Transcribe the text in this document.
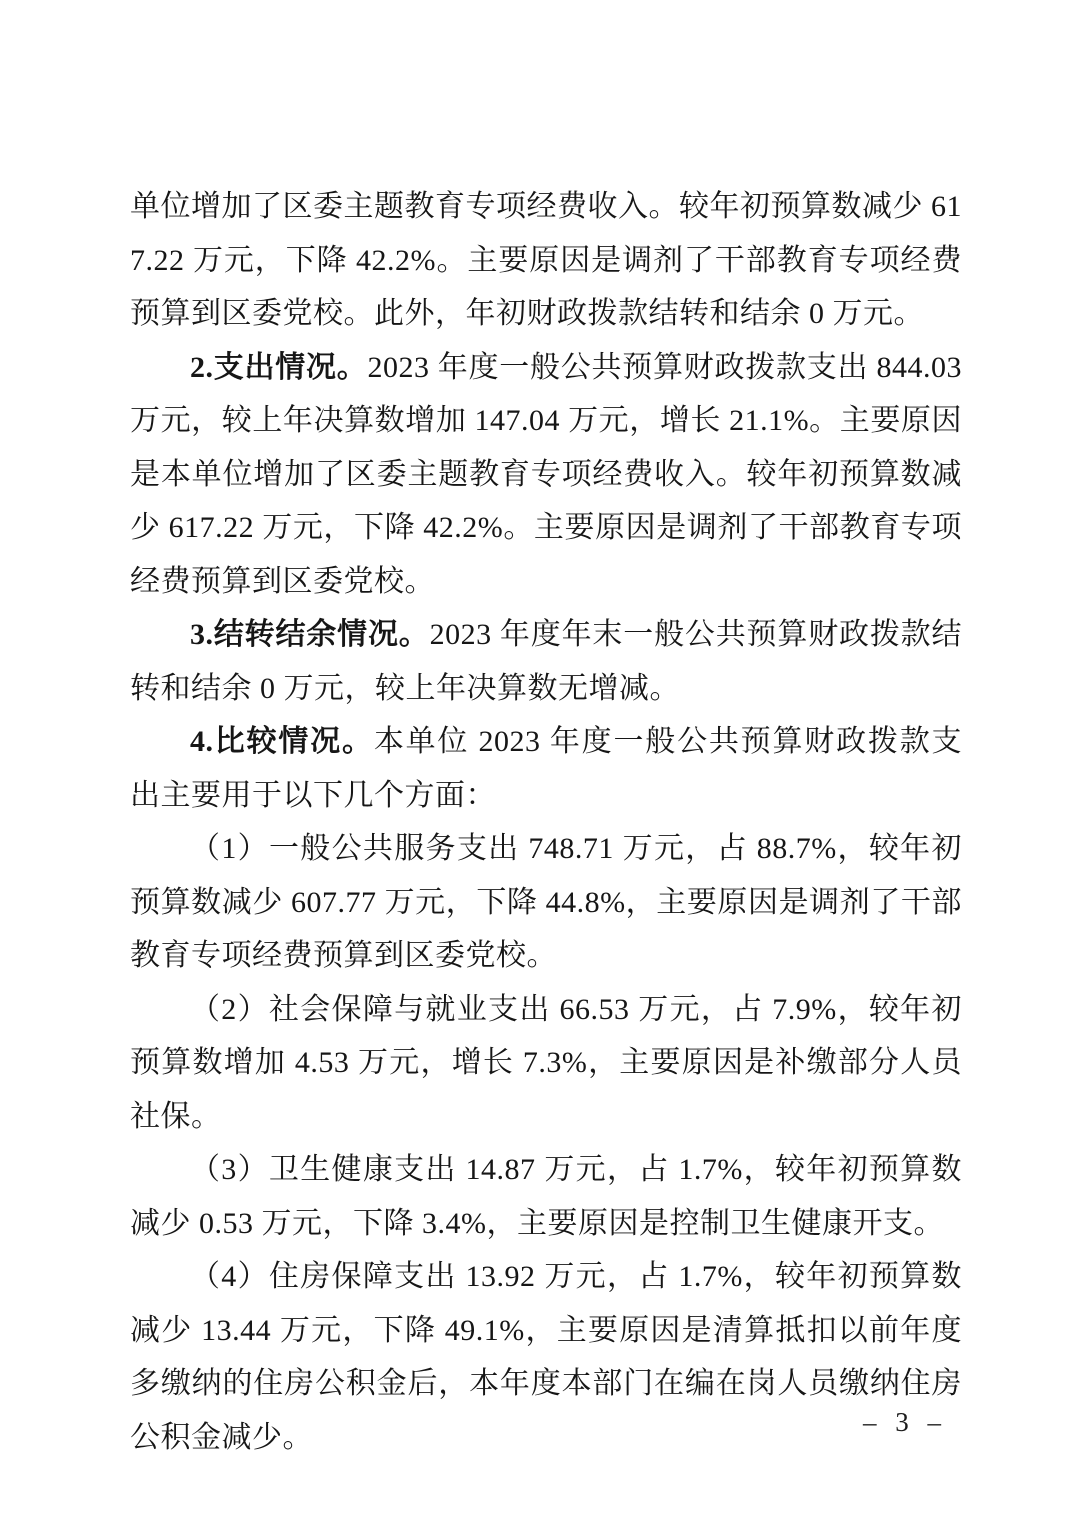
单位增加了区委主题教育专项经费收入。较年初预算数减少 617.22 万元，下降 42.2%。主要原因是调剂了干部教育专项经费预算到区委党校。此外，年初财政拨款结转和结余 0 万元。

2.支出情况。2023 年度一般公共预算财政拨款支出 844.03 万元，较上年决算数增加 147.04 万元，增长 21.1%。主要原因是本单位增加了区委主题教育专项经费收入。较年初预算数减少 617.22 万元，下降 42.2%。主要原因是调剂了干部教育专项经费预算到区委党校。

3.结转结余情况。2023 年度年末一般公共预算财政拨款结转和结余 0 万元，较上年决算数无增减。

4.比较情况。本单位 2023 年度一般公共预算财政拨款支出主要用于以下几个方面：

（1）一般公共服务支出 748.71 万元，占 88.7%，较年初预算数减少 607.77 万元，下降 44.8%，主要原因是调剂了干部教育专项经费预算到区委党校。

（2）社会保障与就业支出 66.53 万元，占 7.9%，较年初预算数增加 4.53 万元，增长 7.3%，主要原因是补缴部分人员社保。

（3）卫生健康支出 14.87 万元，占 1.7%，较年初预算数减少 0.53 万元，下降 3.4%，主要原因是控制卫生健康开支。

（4）住房保障支出 13.92 万元，占 1.7%，较年初预算数减少 13.44 万元，下降 49.1%，主要原因是清算抵扣以前年度多缴纳的住房公积金后，本年度本部门在编在岗人员缴纳住房公积金减少。	– 3 –
